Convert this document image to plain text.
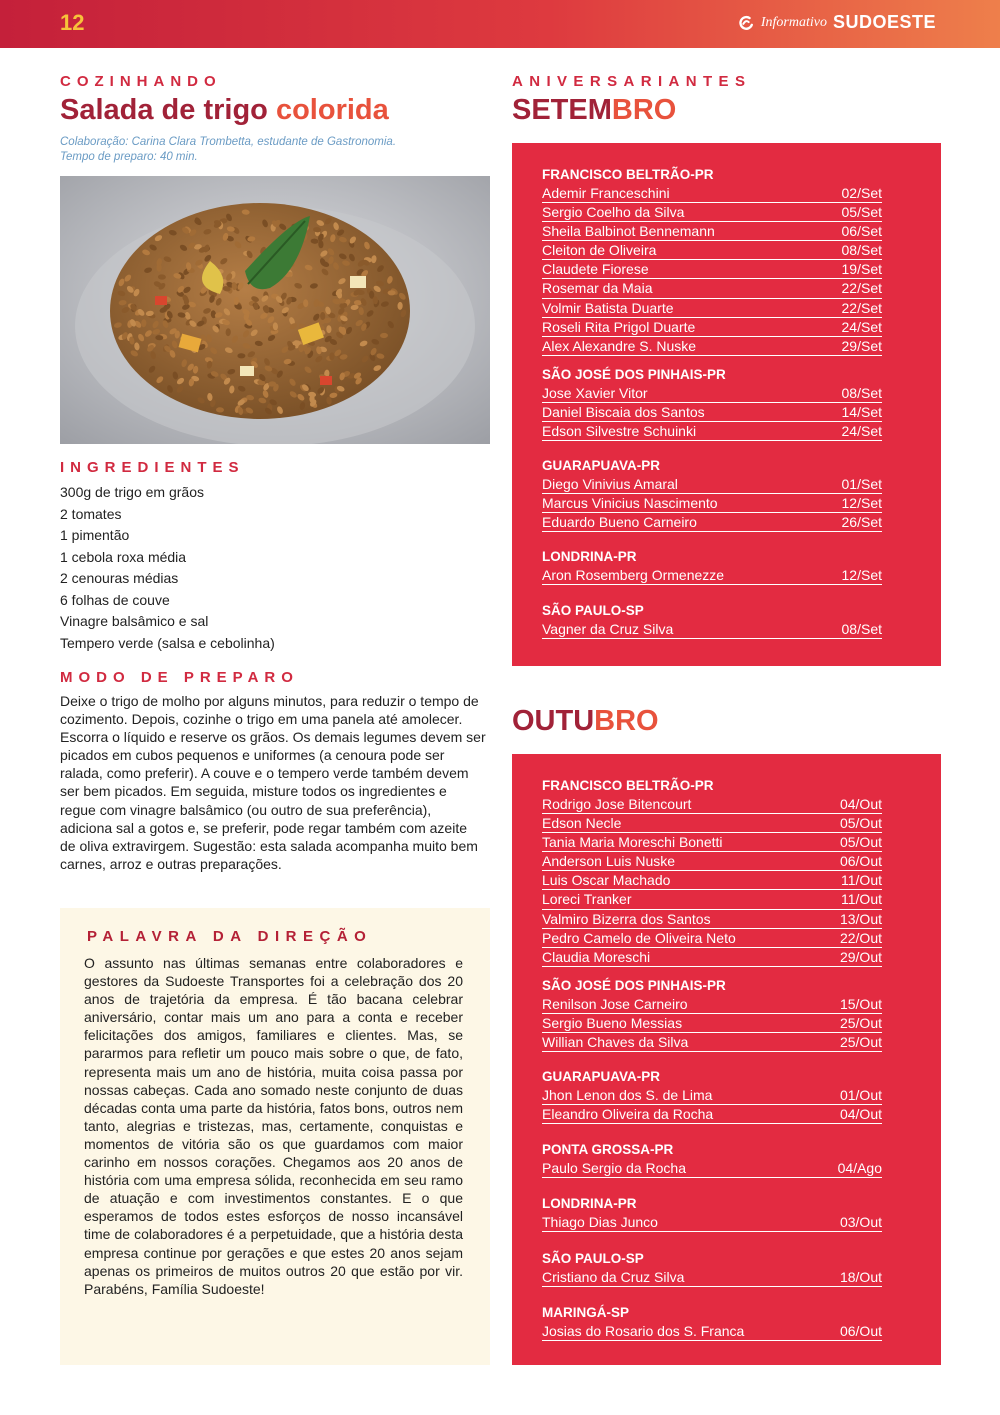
12	Informativo SUDOESTE
COZINHANDO
Salada de trigo colorida
Colaboração: Carina Clara Trombetta, estudante de Gastronomia.
Tempo de preparo: 40 min.
INGREDIENTES
300g de trigo em grãos
2 tomates
1 pimentão
1 cebola roxa média
2 cenouras médias
6 folhas de couve
Vinagre balsâmico e sal
Tempero verde (salsa e cebolinha)
MODO DE PREPARO

Deixe o trigo de molho por alguns minutos, para reduzir o tempo de cozimento. Depois, cozinhe o trigo em uma panela até amolecer. Escorra o líquido e reserve os grãos. Os demais legumes devem ser picados em cubos pequenos e uniformes (a cenoura pode ser ralada, como preferir). A couve e o tempero verde também devem ser bem picados. Em seguida, misture todos os ingredientes e regue com vinagre balsâmico (ou outro de sua preferência), adiciona sal a gotos e, se preferir, pode regar também com azeite de oliva extravirgem. Sugestão: esta salada acompanha muito bem carnes, arroz e outras preparações.

PALAVRA DA DIREÇÃO

O assunto nas últimas semanas entre colaboradores e gestores da Sudoeste Transportes foi a celebração dos 20 anos de trajetória da empresa. É tão bacana celebrar aniversário, contar mais um ano para a conta e receber felicitações dos amigos, familiares e clientes. Mas, se pararmos para refletir um pouco mais sobre o que, de fato, representa mais um ano de história, muita coisa passa por nossas cabeças. Cada ano somado neste conjunto de duas décadas conta uma parte da história, fatos bons, outros nem tanto, alegrias e tristezas, mas, certamente, conquistas e momentos de vitória são os que guardamos com maior carinho em nossos corações. Chegamos aos 20 anos de história com uma empresa sólida, reconhecida em seu ramo de atuação e com investimentos constantes. E o que esperamos de todos estes esforços de nosso incansável time de colaboradores é a perpetuidade, que a história desta empresa continue por gerações e que estes 20 anos sejam apenas os primeiros de muitos outros 20 que estão por vir. Parabéns, Família Sudoeste!

ANIVERSARIANTES
SETEMBRO
FRANCISCO BELTRÃO-PR
Ademir Franceschini	02/Set
Sergio Coelho da Silva	05/Set
Sheila Balbinot Bennemann	06/Set
Cleiton de Oliveira	08/Set
Claudete Fiorese	19/Set
Rosemar da Maia	22/Set
Volmir Batista Duarte	22/Set
Roseli Rita Prigol Duarte	24/Set
Alex Alexandre S. Nuske	29/Set
SÃO JOSÉ DOS PINHAIS-PR
Jose Xavier Vitor	08/Set
Daniel Biscaia dos Santos	14/Set
Edson Silvestre Schuinki	24/Set
GUARAPUAVA-PR
Diego Vinivius Amaral	01/Set
Marcus Vinicius Nascimento	12/Set
Eduardo Bueno Carneiro	26/Set
LONDRINA-PR
Aron Rosemberg Ormenezze	12/Set
SÃO PAULO-SP
Vagner da Cruz Silva	08/Set
OUTUBRO
FRANCISCO BELTRÃO-PR
Rodrigo Jose Bitencourt	04/Out
Edson Necle	05/Out
Tania Maria Moreschi Bonetti	05/Out
Anderson Luis Nuske	06/Out
Luis Oscar Machado	11/Out
Loreci Tranker	11/Out
Valmiro Bizerra dos Santos	13/Out
Pedro Camelo de Oliveira Neto	22/Out
Claudia Moreschi	29/Out
SÃO JOSÉ DOS PINHAIS-PR
Renilson Jose Carneiro	15/Out
Sergio Bueno Messias	25/Out
Willian Chaves da Silva	25/Out
GUARAPUAVA-PR
Jhon Lenon dos S. de Lima	01/Out
Eleandro Oliveira da Rocha	04/Out
PONTA GROSSA-PR
Paulo Sergio da Rocha	04/Ago
LONDRINA-PR
Thiago Dias Junco	03/Out
SÃO PAULO-SP
Cristiano da Cruz Silva	18/Out
MARINGÁ-SP
Josias do Rosario dos S. Franca	06/Out
